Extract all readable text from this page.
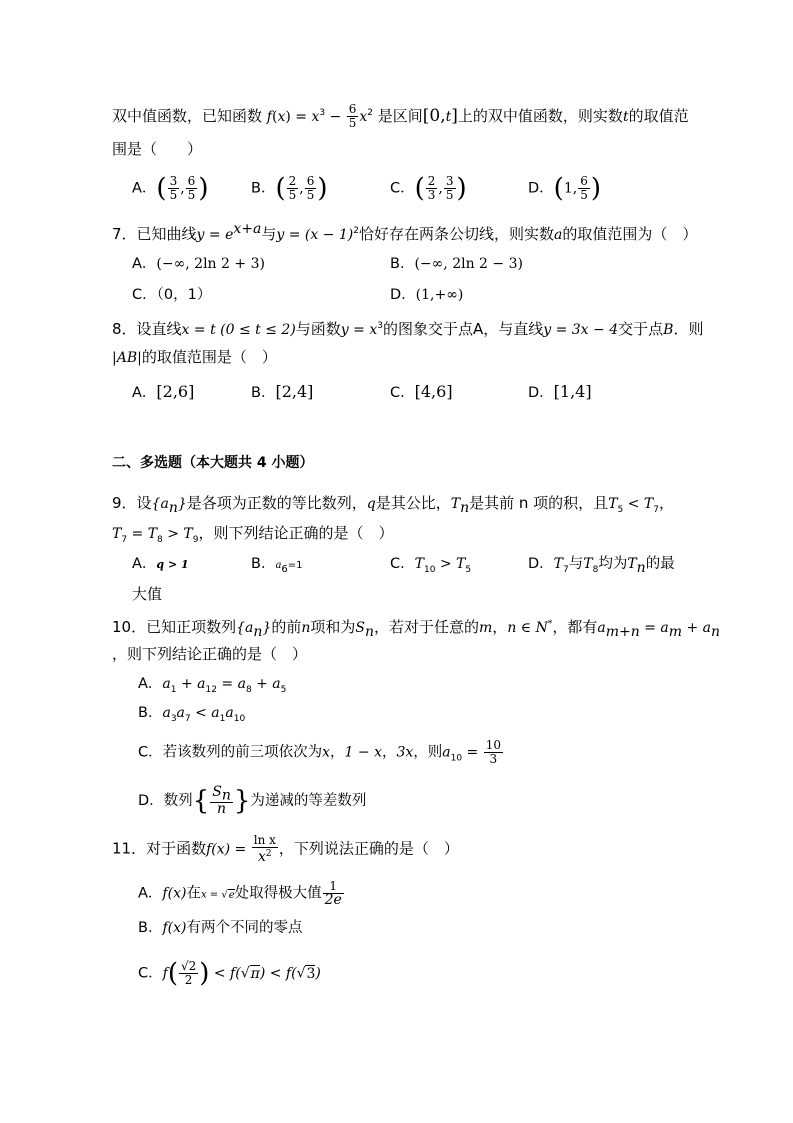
双中值函数，已知函数 $f(x) = x^3 - \frac{6}{5} x^2$ 是区间[0,t]上的双中值函数，则实数t的取值范
围是（　　）
A．( $\frac{3}{5}$ , $\frac{6}{5}$ )	B．( $\frac{2}{5}$ , $\frac{6}{5}$ )	C．( $\frac{2}{3}$ , $\frac{3}{5}$ )	D．(1, $\frac{6}{5}$ )
7．已知曲线$y = e^{x+a}$与$y = (x - 1)^2$恰好存在两条公切线，则实数a的取值范围为（　）
A．(−∞, 2ln 2 + 3)	B．(−∞, 2ln 2 − 3)
C．（0，1）	D．(1,+∞)
8．设直线x = t (0 ≤ t ≤ 2)与函数$y = x^3$的图象交于点A，与直线y = 3x − 4交于点B．则
|AB|的取值范围是（　）
A．[2,6]	B．[2,4]	C．[4,6]	D．[1,4]
二、多选题（本大题共 4 小题）
9．设$\{a_n\}$是各项为正数的等比数列，q是其公比，$T_n$是其前 n 项的积，且$T_5 < T_7$，
$T_7 = T_8 > T_9$，则下列结论正确的是（　）
A．q > 1	B．$a_6=1$	C．$T_{10} > T_5$	D．$T_7$与$T_8$均为$T_n$的最
大值
10．已知正项数列$\{a_n\}$的前n项和为$S_n$，若对于任意的m，n ∈ N*，都有$a_{m+n} = a_m + a_n$
，则下列结论正确的是（　）
A．$a_1 + a_{12} = a_8 + a_5$
B．$a_3a_7 < a_1a_{10}$
C．若该数列的前三项依次为x，1 − x，3x，则$a_{10} = \frac{10}{3}$
D．数列{ $\frac{S_n}{n}$ }为递减的等差数列
11．对于函数$f(x) = \frac{\text{ln x}}{x^2}$ ，下列说法正确的是（　）
A．f(x)在x = √e处取得极大值 $\frac{1}{2e}$
B．f(x)有两个不同的零点
C．$f( \frac{√2}{2}$ ) < f(√π) < f(√3)
